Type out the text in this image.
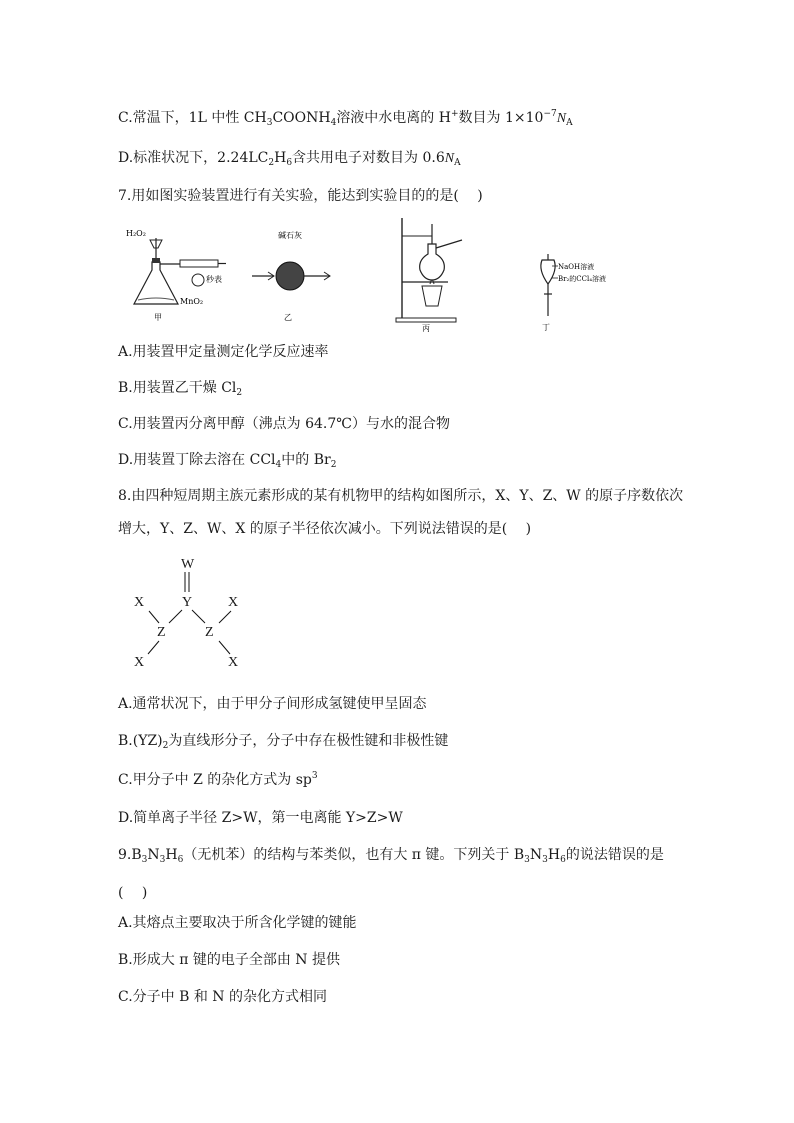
C.常温下，1L 中性 $CH_3COONH_4$溶液中水电离的 H+数目为 $1\times 10^{-7}N_A$
D.标准状况下，$2.24LC_2H_6$含共用电子对数目为 $0.6N_A$
7.用如图实验装置进行有关实验，能达到实验目的的是(　 )
H₂O₂
秒表
MnO₂
甲
碱石灰
乙
丙
NaOH溶液
Br₂的CCl₄溶液
丁
A.用装置甲定量测定化学反应速率
B.用装置乙干燥 $Cl_2$
C.用装置丙分离甲醇（沸点为 64.7℃）与水的混合物
D.用装置丁除去溶在 CCl$_4$中的 $Br_2$
8.由四种短周期主族元素形成的某有机物甲的结构如图所示，X、Y、Z、W 的原子序数依次
增大，Y、Z、W、X 的原子半径依次减小。下列说法错误的是(　 )
W
Y
X	X
Z	Z
X	X
A.通常状况下，由于甲分子间形成氢键使甲呈固态
$B.(YZ)_2$为直线形分子，分子中存在极性键和非极性键
C.甲分子中 Z 的杂化方式为 $sp^3$
D.简单离子半径 Z>W，第一电离能 Y>Z>W
$9.B_3N_3H_6$（无机苯）的结构与苯类似，也有大 π 键。下列关于 $B_3N_3H_6$的说法错误的是
(　 )
A.其熔点主要取决于所含化学键的键能
B.形成大 π 键的电子全部由 N 提供
C.分子中 B 和 N 的杂化方式相同
